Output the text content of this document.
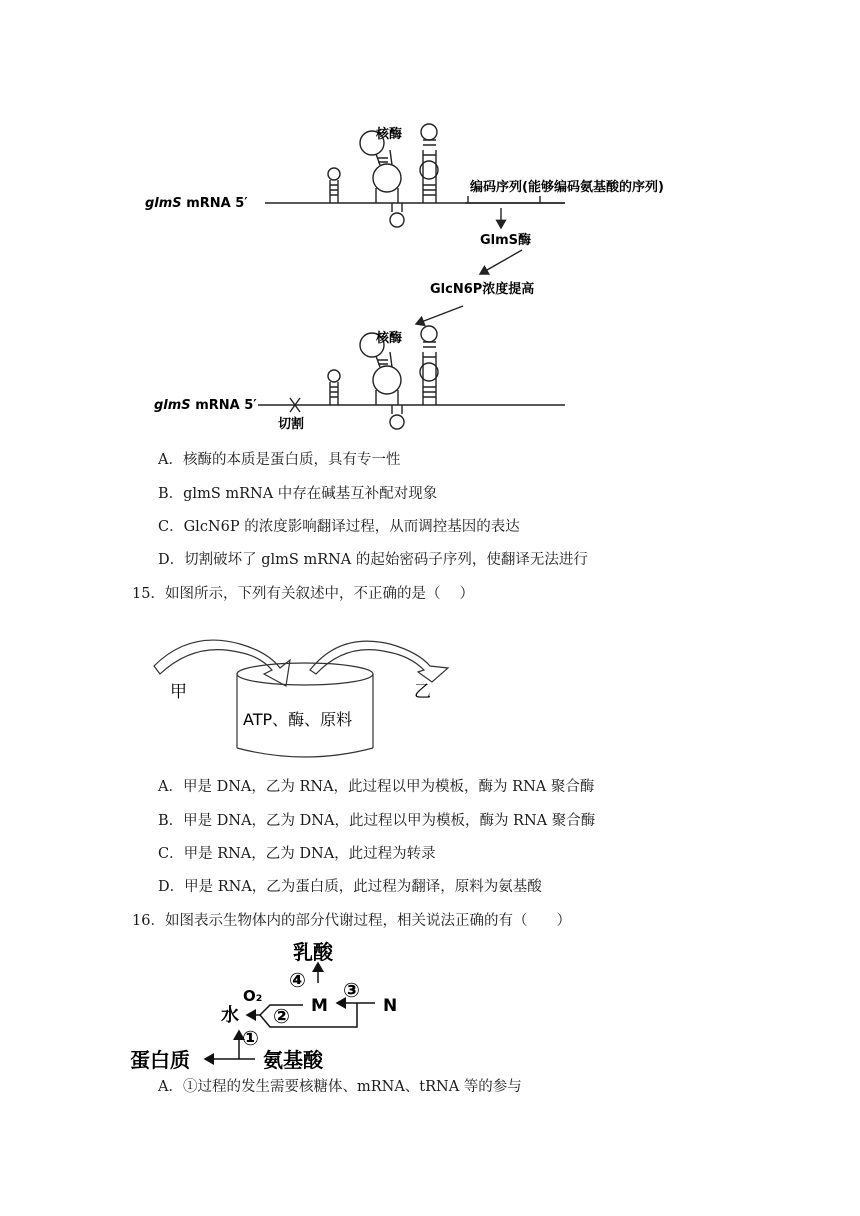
glmS mRNA 5′
核酶
编码序列(能够编码氨基酸的序列)
GlmS酶
GlcN6P浓度提高
核酶
glmS mRNA 5′
切割
A．核酶的本质是蛋白质，具有专一性
B．glmS mRNA 中存在碱基互补配对现象
C．GlcN6P 的浓度影响翻译过程，从而调控基因的表达
D．切割破坏了 glmS mRNA 的起始密码子序列，使翻译无法进行
15．如图所示，下列有关叙述中，不正确的是（　 ）
甲	乙
ATP、酶、原料
A．甲是 DNA，乙为 RNA，此过程以甲为模板，酶为 RNA 聚合酶
B．甲是 DNA，乙为 DNA，此过程以甲为模板，酶为 RNA 聚合酶
C．甲是 RNA，乙为 DNA，此过程为转录
D．甲是 RNA，乙为蛋白质，此过程为翻译，原料为氨基酸
16．如图表示生物体内的部分代谢过程，相关说法正确的有（　　）
乳酸
④ ③
②
①
O₂
水	M	N
蛋白质	氨基酸
A．①过程的发生需要核糖体、mRNA、tRNA 等的参与
